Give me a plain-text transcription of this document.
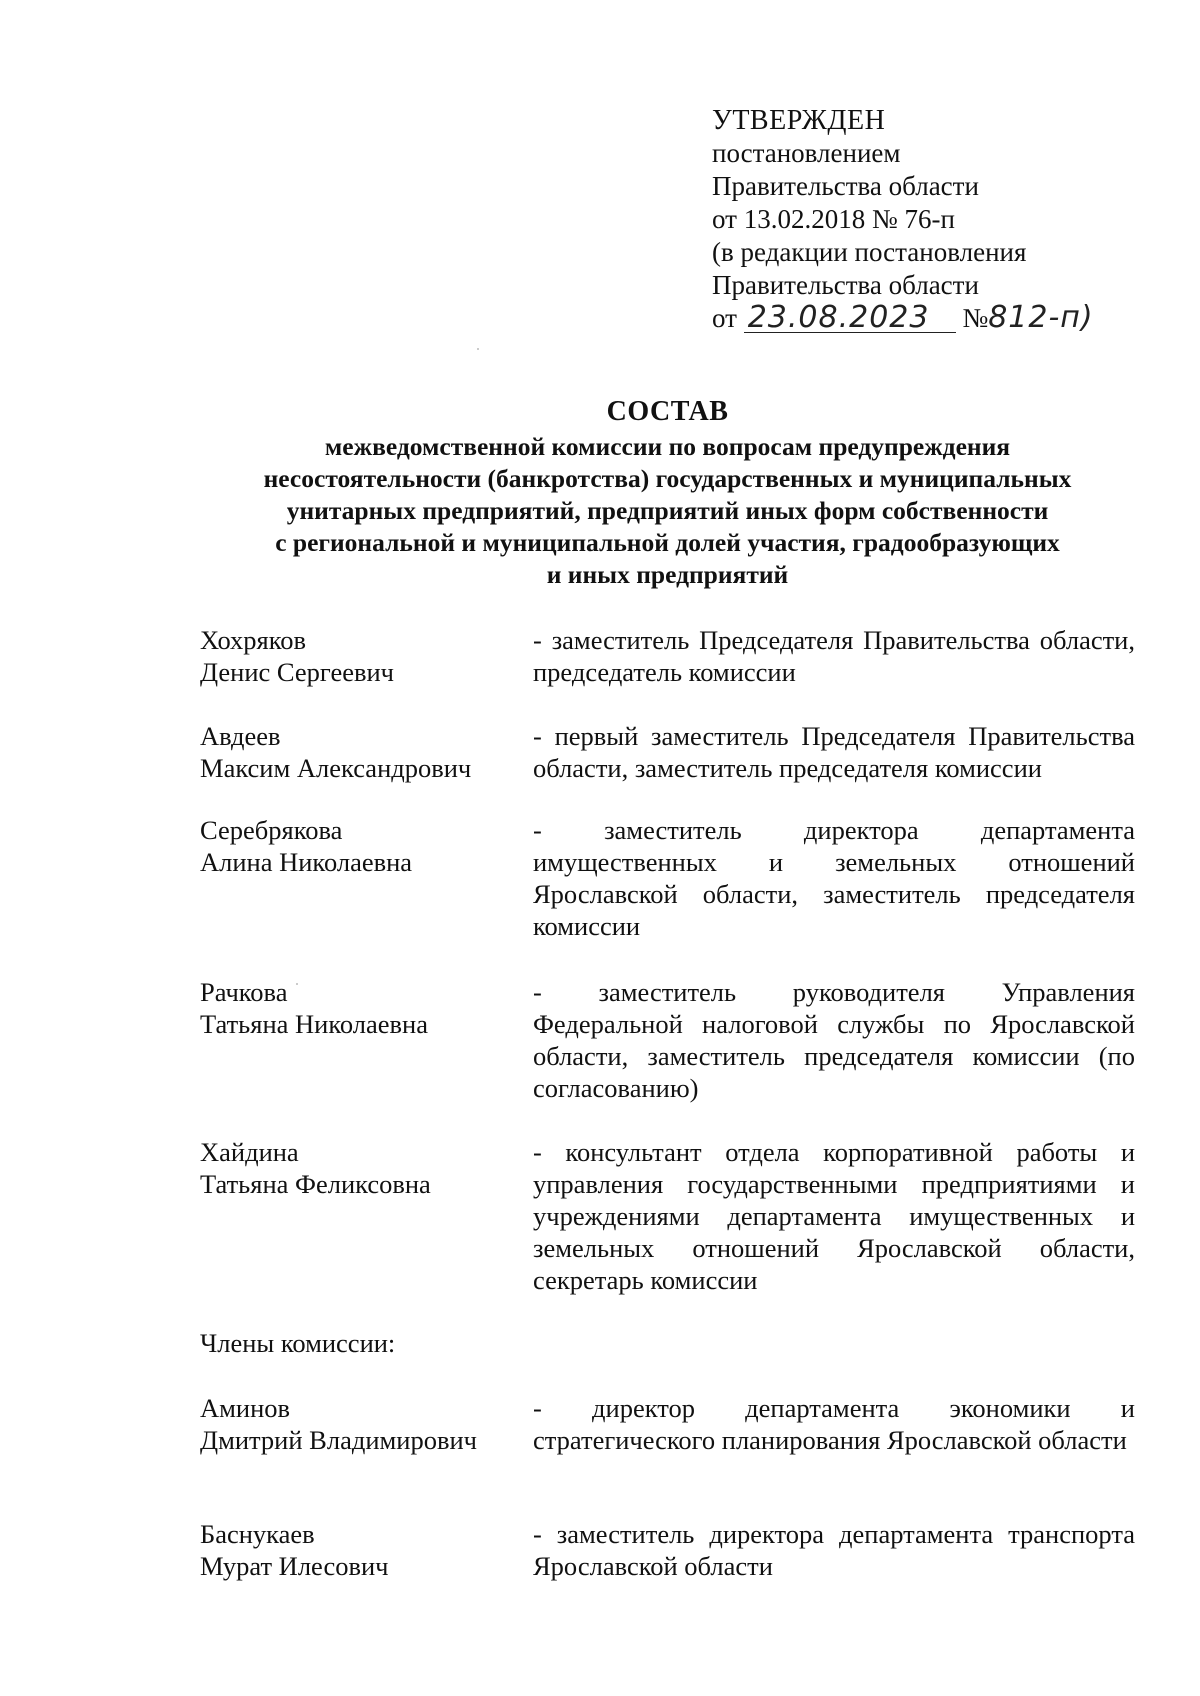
УТВЕРЖДЕН
постановлением
Правительства области
от 13.02.2018 № 76-п
(в редакции постановления
Правительства области
от 23.08.2023 №812-п)
СОСТАВ
межведомственной комиссии по вопросам предупреждения
несостоятельности (банкротства) государственных и муниципальных
унитарных предприятий, предприятий иных форм собственности
с региональной и муниципальной долей участия, градообразующих
и иных предприятий
Хохряков
Денис Сергеевич
- заместитель Председателя Правительства области, председатель комиссии
Авдеев
Максим Александрович
- первый заместитель Председателя Правительства области, заместитель председателя комиссии
Серебрякова
Алина Николаевна
- заместитель директора департамента имущественных и земельных отношений Ярославской области, заместитель председателя комиссии
Рачкова
Татьяна Николаевна
- заместитель руководителя Управления Федеральной налоговой службы по Ярославской области, заместитель председателя комиссии (по согласованию)
Хайдина
Татьяна Феликсовна
- консультант отдела корпоративной работы и управления государственными предприятиями и учреждениями департамента имущественных и земельных отношений Ярославской области, секретарь комиссии
Члены комиссии:
Аминов
Дмитрий Владимирович
- директор департамента экономики и стратегического планирования Ярославской области
Баснукаев
Мурат Илесович
- заместитель директора департамента транспорта Ярославской области
